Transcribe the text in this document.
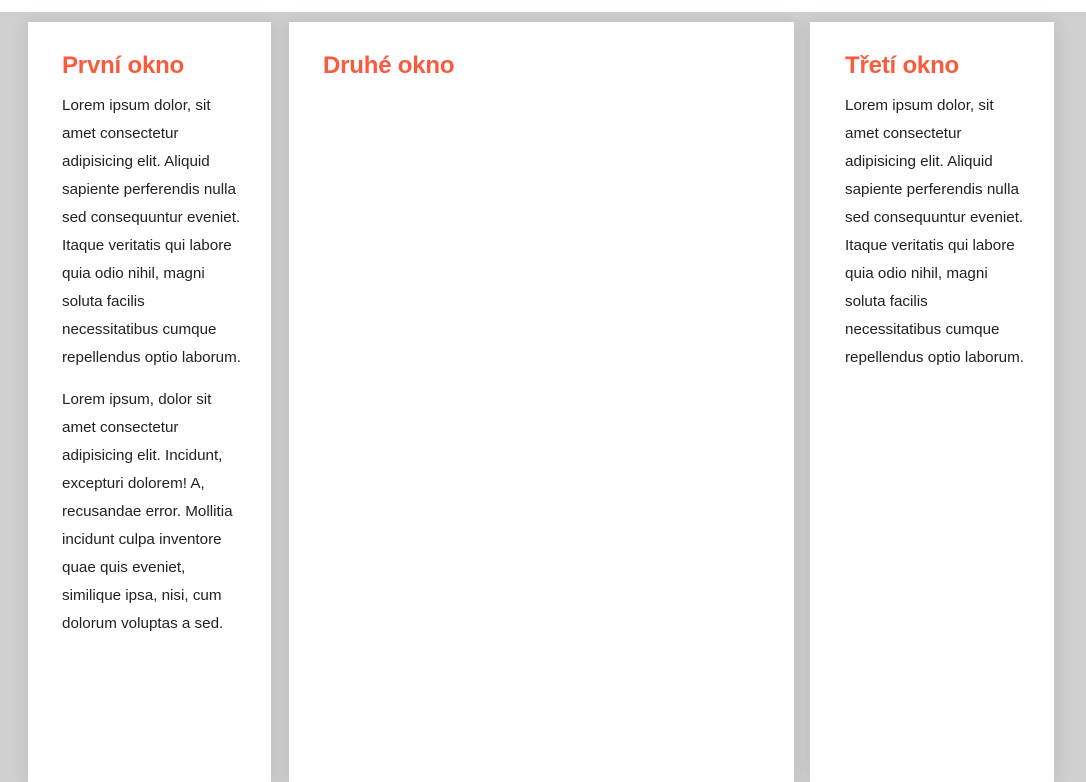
První okno

Lorem ipsum dolor, sit amet consectetur adipisicing elit. Aliquid sapiente perferendis nulla sed consequuntur eveniet. Itaque veritatis qui labore quia odio nihil, magni soluta facilis necessitatibus cumque repellendus optio laborum.

Lorem ipsum, dolor sit amet consectetur adipisicing elit. Incidunt, excepturi dolorem! A, recusandae error. Mollitia incidunt culpa inventore quae quis eveniet, similique ipsa, nisi, cum dolorum voluptas a sed.

Druhé okno	Třetí okno

Lorem ipsum dolor, sit amet consectetur adipisicing elit. Aliquid sapiente perferendis nulla sed consequuntur eveniet. Itaque veritatis qui labore quia odio nihil, magni soluta facilis necessitatibus cumque repellendus optio laborum.
